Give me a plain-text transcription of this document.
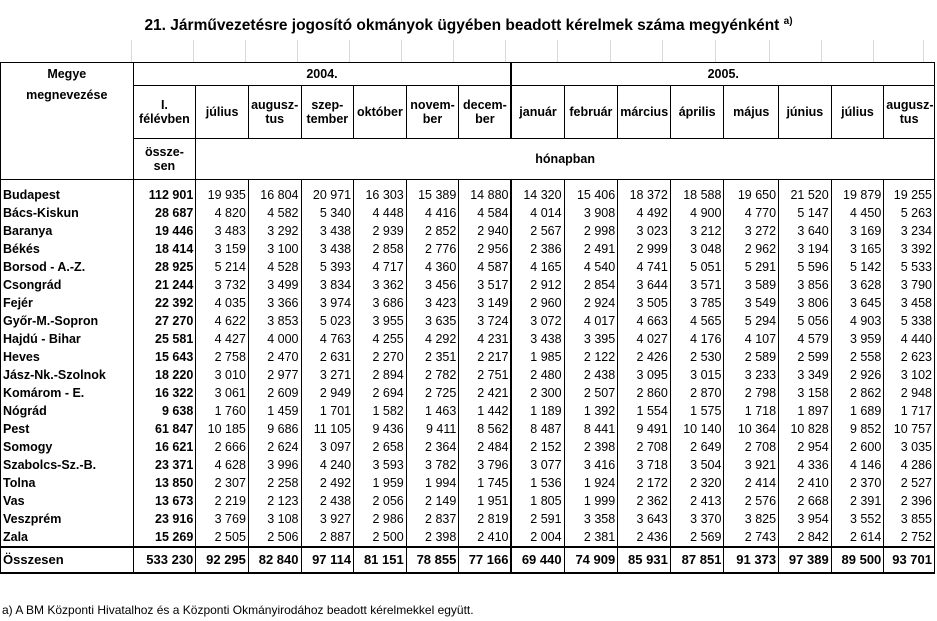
21. Járművezetésre jogosító okmányok ügyében beadott kérelmek száma megyénként $^{a)}$
Megye	2004.							2005.							
megnevezése	I. félévben	július	augusz-tus	szep-tember	október	novem-ber	decem-ber	január	február	március	április	május	június	július	augusz-tus
	össze-sen	hónapban													
Budapest	112 901	19 935	16 804	20 971	16 303	15 389	14 880	14 320	15 406	18 372	18 588	19 650	21 520	19 879	19 255
Bács-Kiskun	28 687	4 820	4 582	5 340	4 448	4 416	4 584	4 014	3 908	4 492	4 900	4 770	5 147	4 450	5 263
Baranya	19 446	3 483	3 292	3 438	2 939	2 852	2 940	2 567	2 998	3 023	3 212	3 272	3 640	3 169	3 234
Békés	18 414	3 159	3 100	3 438	2 858	2 776	2 956	2 386	2 491	2 999	3 048	2 962	3 194	3 165	3 392
Borsod - A.-Z.	28 925	5 214	4 528	5 393	4 717	4 360	4 587	4 165	4 540	4 741	5 051	5 291	5 596	5 142	5 533
Csongrád	21 244	3 732	3 499	3 834	3 362	3 456	3 517	2 912	2 854	3 644	3 571	3 589	3 856	3 628	3 790
Fejér	22 392	4 035	3 366	3 974	3 686	3 423	3 149	2 960	2 924	3 505	3 785	3 549	3 806	3 645	3 458
Győr-M.-Sopron	27 270	4 622	3 853	5 023	3 955	3 635	3 724	3 072	4 017	4 663	4 565	5 294	5 056	4 903	5 338
Hajdú - Bihar	25 581	4 427	4 000	4 763	4 255	4 292	4 231	3 438	3 395	4 027	4 176	4 107	4 579	3 959	4 440
Heves	15 643	2 758	2 470	2 631	2 270	2 351	2 217	1 985	2 122	2 426	2 530	2 589	2 599	2 558	2 623
Jász-Nk.-Szolnok	18 220	3 010	2 977	3 271	2 894	2 782	2 751	2 480	2 438	3 095	3 015	3 233	3 349	2 926	3 102
Komárom - E.	16 322	3 061	2 609	2 949	2 694	2 725	2 421	2 300	2 507	2 860	2 870	2 798	3 158	2 862	2 948
Nógrád	9 638	1 760	1 459	1 701	1 582	1 463	1 442	1 189	1 392	1 554	1 575	1 718	1 897	1 689	1 717
Pest	61 847	10 185	9 686	11 105	9 436	9 411	8 562	8 487	8 441	9 491	10 140	10 364	10 828	9 852	10 757
Somogy	16 621	2 666	2 624	3 097	2 658	2 364	2 484	2 152	2 398	2 708	2 649	2 708	2 954	2 600	3 035
Szabolcs-Sz.-B.	23 371	4 628	3 996	4 240	3 593	3 782	3 796	3 077	3 416	3 718	3 504	3 921	4 336	4 146	4 286
Tolna	13 850	2 307	2 258	2 492	1 959	1 994	1 745	1 536	1 924	2 172	2 320	2 414	2 410	2 370	2 527
Vas	13 673	2 219	2 123	2 438	2 056	2 149	1 951	1 805	1 999	2 362	2 413	2 576	2 668	2 391	2 396
Veszprém	23 916	3 769	3 108	3 927	2 986	2 837	2 819	2 591	3 358	3 643	3 370	3 825	3 954	3 552	3 855
Zala	15 269	2 505	2 506	2 887	2 500	2 398	2 410	2 004	2 381	2 436	2 569	2 743	2 842	2 614	2 752
Összesen	533 230	92 295	82 840	97 114	81 151	78 855	77 166	69 440	74 909	85 931	87 851	91 373	97 389	89 500	93 701
a) A BM Központi Hivatalhoz és a Központi Okmányirodához beadott kérelmekkel együtt.
